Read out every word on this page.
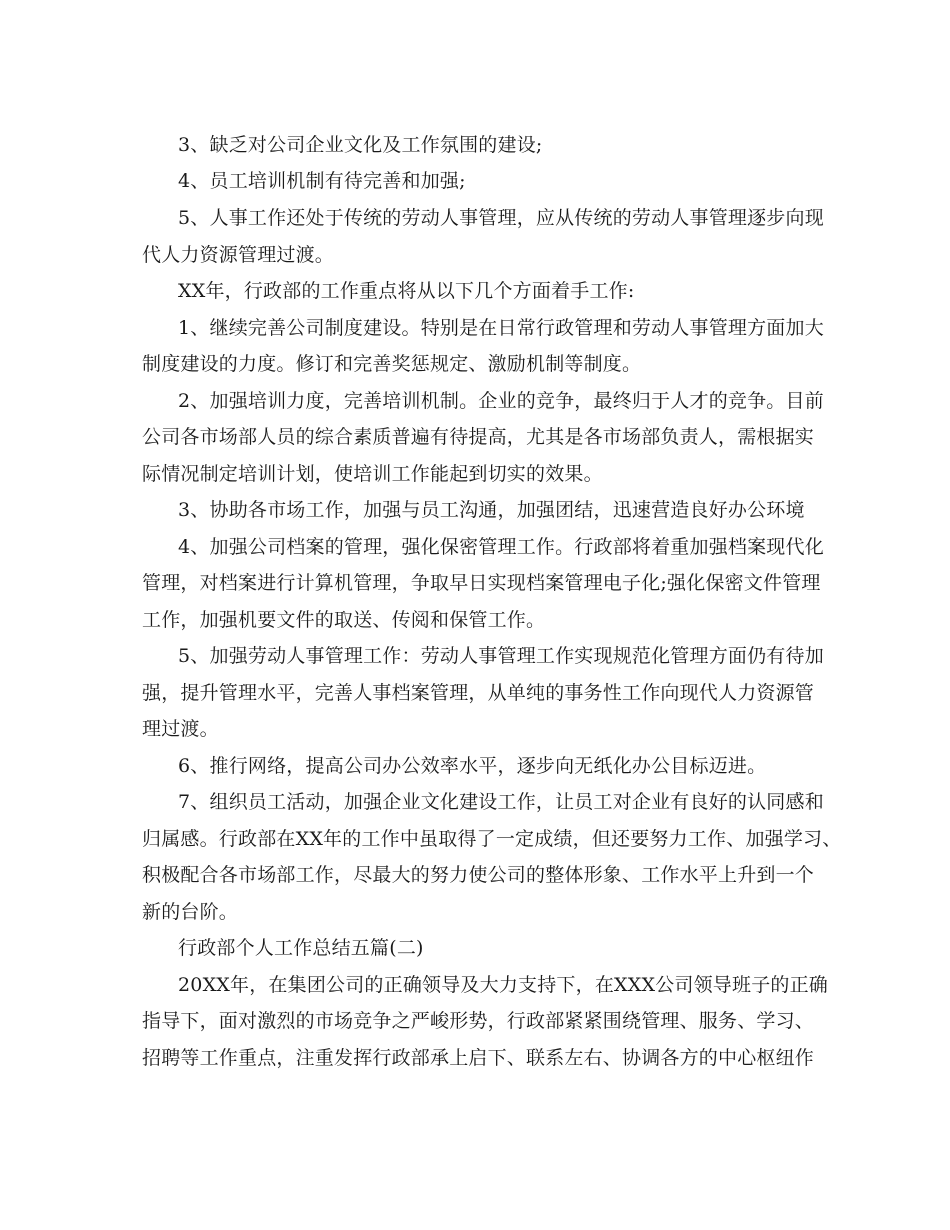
3、缺乏对公司企业文化及工作氛围的建设;

4、员工培训机制有待完善和加强;

5、人事工作还处于传统的劳动人事管理，应从传统的劳动人事管理逐步向现

代人力资源管理过渡。

XX年，行政部的工作重点将从以下几个方面着手工作:

1、继续完善公司制度建设。特别是在日常行政管理和劳动人事管理方面加大

制度建设的力度。修订和完善奖惩规定、激励机制等制度。

2、加强培训力度，完善培训机制。企业的竞争，最终归于人才的竞争。目前

公司各市场部人员的综合素质普遍有待提高，尤其是各市场部负责人，需根据实

际情况制定培训计划，使培训工作能起到切实的效果。

3、协助各市场工作，加强与员工沟通，加强团结，迅速营造良好办公环境

4、加强公司档案的管理，强化保密管理工作。行政部将着重加强档案现代化

管理，对档案进行计算机管理，争取早日实现档案管理电子化;强化保密文件管理

工作，加强机要文件的取送、传阅和保管工作。

5、加强劳动人事管理工作：劳动人事管理工作实现规范化管理方面仍有待加

强，提升管理水平，完善人事档案管理，从单纯的事务性工作向现代人力资源管

理过渡。

6、推行网络，提高公司办公效率水平，逐步向无纸化办公目标迈进。

7、组织员工活动，加强企业文化建设工作，让员工对企业有良好的认同感和

归属感。行政部在XX年的工作中虽取得了一定成绩，但还要努力工作、加强学习、

积极配合各市场部工作，尽最大的努力使公司的整体形象、工作水平上升到一个

新的台阶。

行政部个人工作总结五篇(二)

20XX年，在集团公司的正确领导及大力支持下，在XXX公司领导班子的正确

指导下，面对激烈的市场竞争之严峻形势，行政部紧紧围绕管理、服务、学习、

招聘等工作重点，注重发挥行政部承上启下、联系左右、协调各方的中心枢纽作
